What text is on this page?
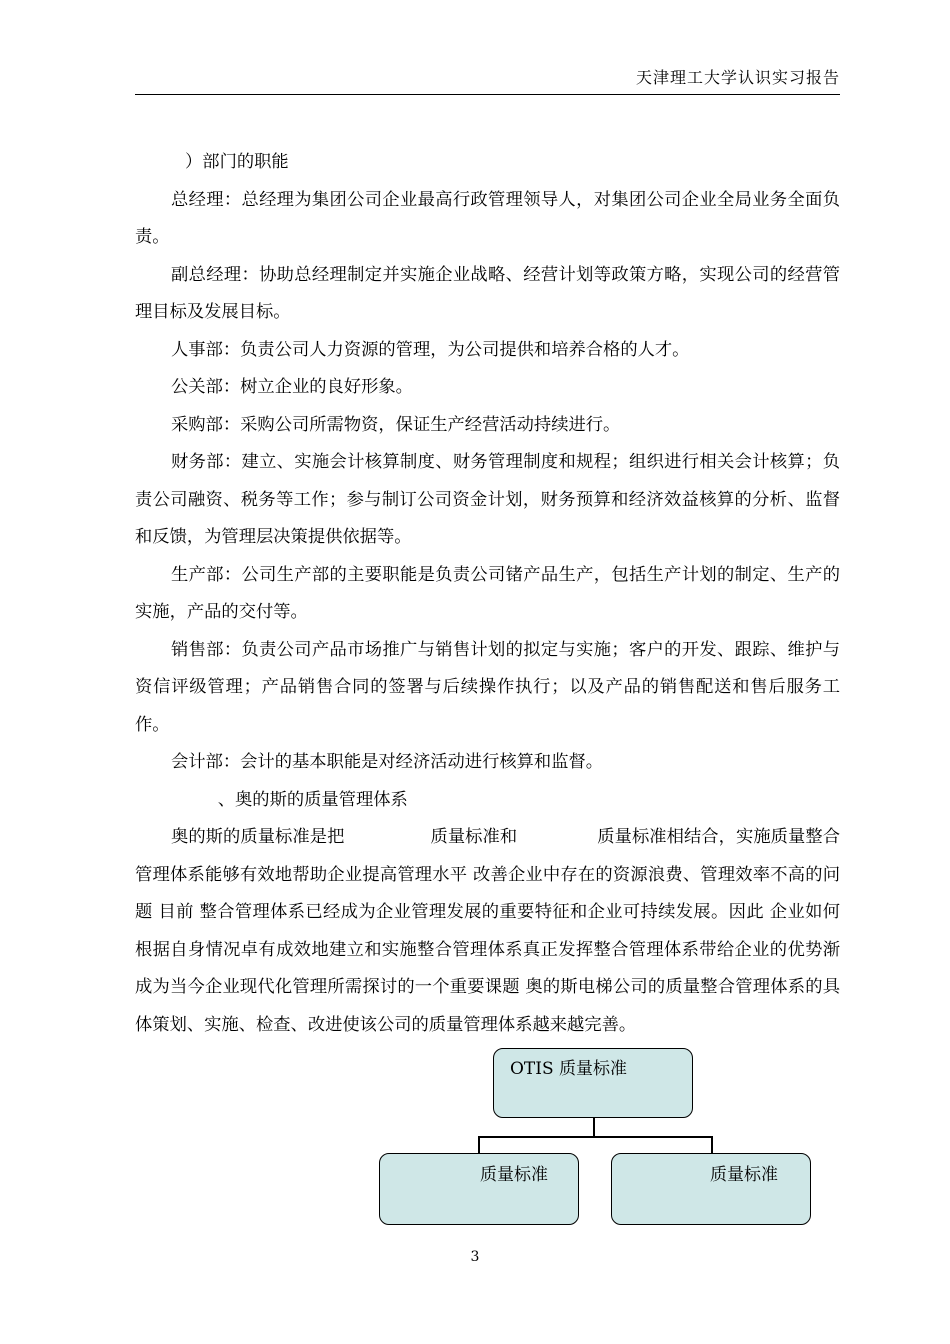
天津理工大学认识实习报告

）部门的职能

总经理：总经理为集团公司企业最高行政管理领导人，对集团公司企业全局业务全面负责。

副总经理：协助总经理制定并实施企业战略、经营计划等政策方略，实现公司的经营管理目标及发展目标。

人事部：负责公司人力资源的管理，为公司提供和培养合格的人才。

公关部：树立企业的良好形象。

采购部：采购公司所需物资，保证生产经营活动持续进行。

财务部：建立、实施会计核算制度、财务管理制度和规程；组织进行相关会计核算；负责公司融资、税务等工作；参与制订公司资金计划，财务预算和经济效益核算的分析、监督和反馈，为管理层决策提供依据等。

生产部：公司生产部的主要职能是负责公司锗产品生产，包括生产计划的制定、生产的实施，产品的交付等。

销售部：负责公司产品市场推广与销售计划的拟定与实施；客户的开发、跟踪、维护与资信评级管理；产品销售合同的签署与后续操作执行；以及产品的销售配送和售后服务工作。

会计部：会计的基本职能是对经济活动进行核算和监督。

、奥的斯的质量管理体系

奥的斯的质量标准是把	质量标准和	质量标准相结合，实施质量整合管理体系能够有效地帮助企业提高管理水平 改善企业中存在的资源浪费、管理效率不高的问题 目前 整合管理体系已经成为企业管理发展的重要特征和企业可持续发展。因此 企业如何根据自身情况卓有成效地建立和实施整合管理体系真正发挥整合管理体系带给企业的优势渐成为当今企业现代化管理所需探讨的一个重要课题 奥的斯电梯公司的质量整合管理体系的具体策划、实施、检查、改进使该公司的质量管理体系越来越完善。

OTIS 质量标准
质量标准	质量标准
3
